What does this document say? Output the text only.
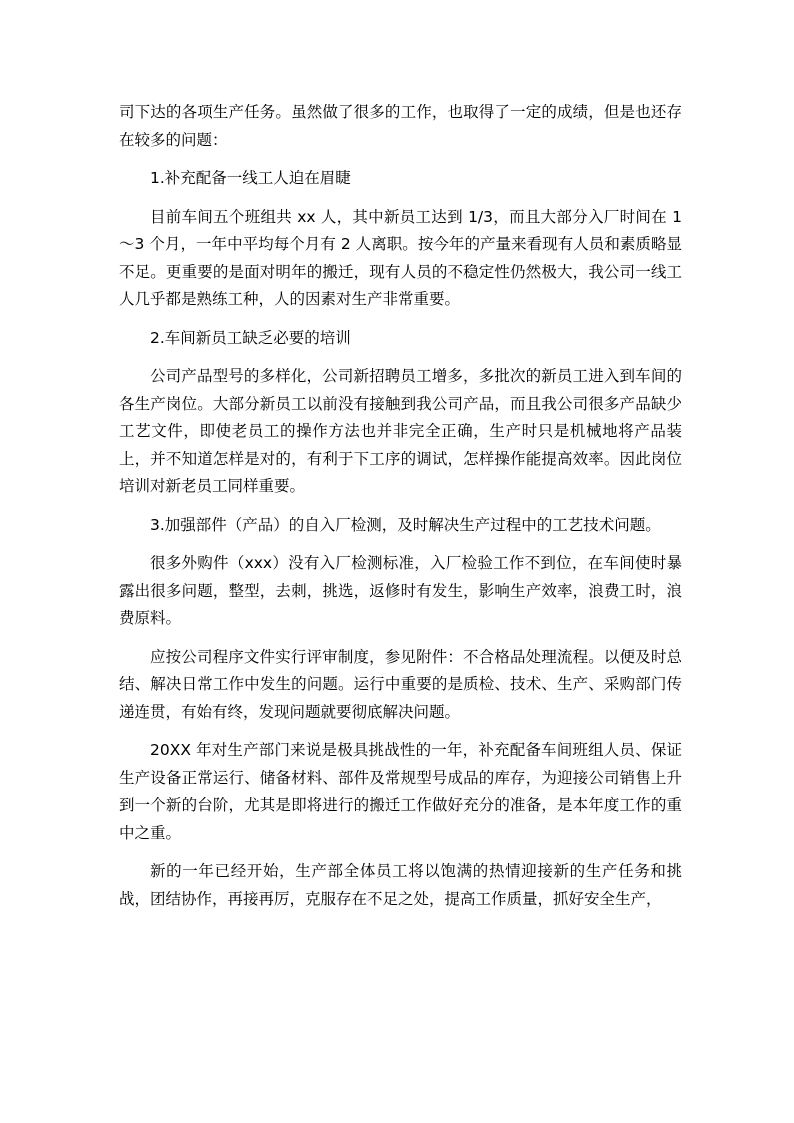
司下达的各项生产任务。虽然做了很多的工作，也取得了一定的成绩，但是也还存在较多的问题：

1.补充配备一线工人迫在眉睫

目前车间五个班组共 xx 人，其中新员工达到 1/3，而且大部分入厂时间在 1～3 个月，一年中平均每个月有 2 人离职。按今年的产量来看现有人员和素质略显不足。更重要的是面对明年的搬迁，现有人员的不稳定性仍然极大，我公司一线工人几乎都是熟练工种，人的因素对生产非常重要。

2.车间新员工缺乏必要的培训

公司产品型号的多样化，公司新招聘员工增多，多批次的新员工进入到车间的各生产岗位。大部分新员工以前没有接触到我公司产品，而且我公司很多产品缺少工艺文件，即使老员工的操作方法也并非完全正确，生产时只是机械地将产品装上，并不知道怎样是对的，有利于下工序的调试，怎样操作能提高效率。因此岗位培训对新老员工同样重要。

3.加强部件（产品）的自入厂检测，及时解决生产过程中的工艺技术问题。

很多外购件（xxx）没有入厂检测标准，入厂检验工作不到位，在车间使时暴露出很多问题，整型，去刺，挑选，返修时有发生，影响生产效率，浪费工时，浪费原料。

应按公司程序文件实行评审制度，参见附件：不合格品处理流程。以便及时总结、解决日常工作中发生的问题。运行中重要的是质检、技术、生产、采购部门传递连贯，有始有终，发现问题就要彻底解决问题。

20XX 年对生产部门来说是极具挑战性的一年，补充配备车间班组人员、保证生产设备正常运行、储备材料、部件及常规型号成品的库存，为迎接公司销售上升到一个新的台阶，尤其是即将进行的搬迁工作做好充分的准备，是本年度工作的重中之重。

新的一年已经开始，生产部全体员工将以饱满的热情迎接新的生产任务和挑战，团结协作，再接再厉，克服存在不足之处，提高工作质量，抓好安全生产，
